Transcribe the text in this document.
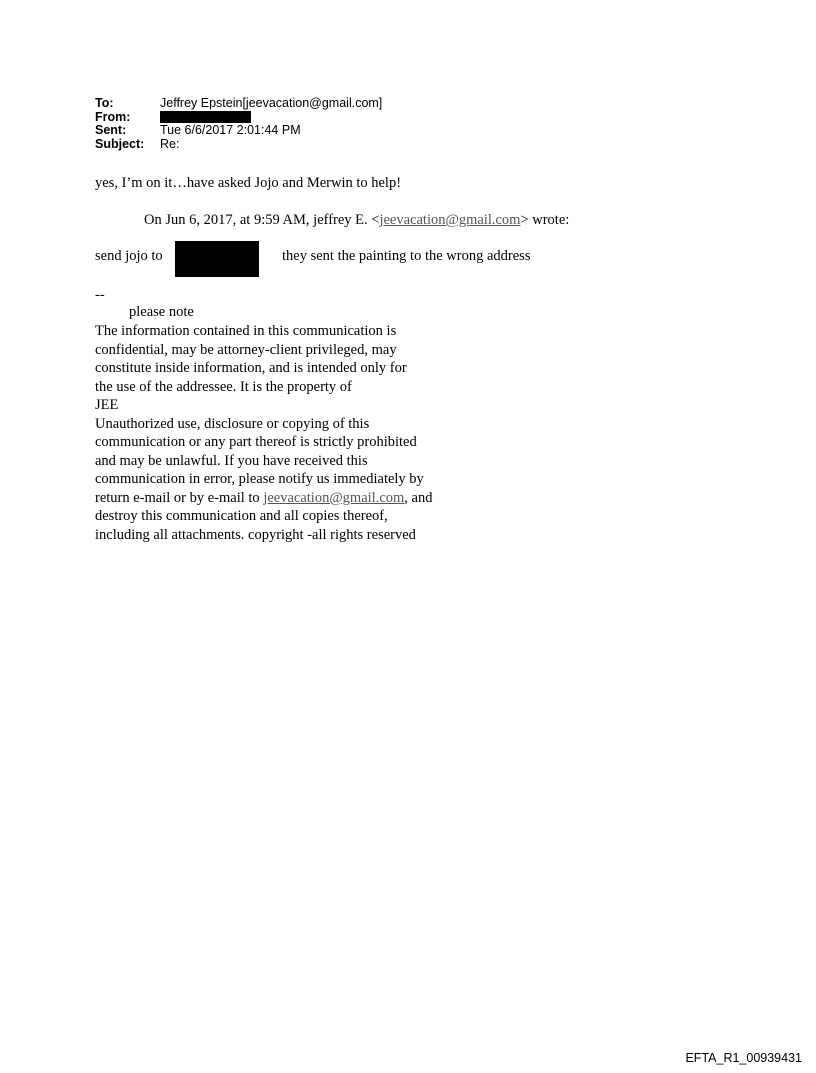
To:	Jeffrey Epstein[jeevacation@gmail.com]
From:
Sent:	Tue 6/6/2017 2:01:44 PM
Subject:	Re:
yes, I’m on it…have asked Jojo and Merwin to help!
On Jun 6, 2017, at 9:59 AM, jeffrey E. <jeevacation@gmail.com> wrote:
send jojo to	they sent the painting to the wrong address
--
please note
The information contained in this communication is
confidential, may be attorney-client privileged, may
constitute inside information, and is intended only for
the use of the addressee. It is the property of
JEE
Unauthorized use, disclosure or copying of this
communication or any part thereof is strictly prohibited
and may be unlawful. If you have received this
communication in error, please notify us immediately by
return e-mail or by e-mail to jeevacation@gmail.com, and
destroy this communication and all copies thereof,
including all attachments. copyright -all rights reserved
EFTA_R1_00939431
